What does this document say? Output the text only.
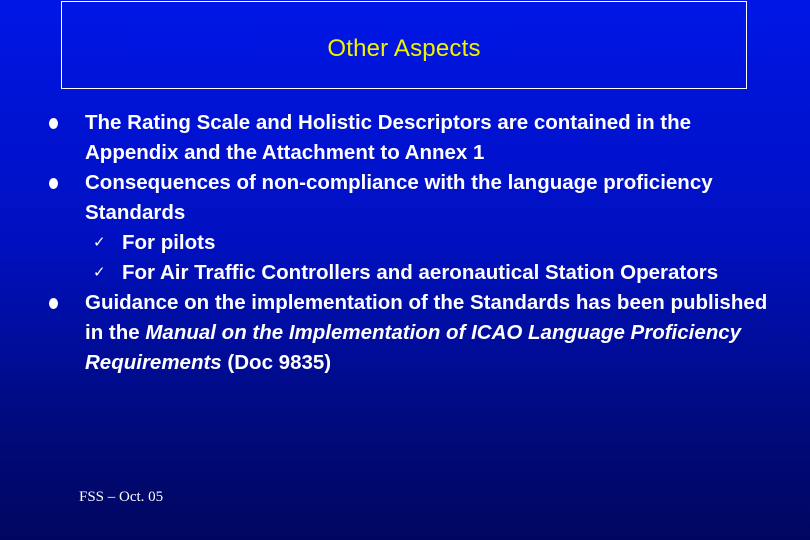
Other Aspects
The Rating Scale and Holistic Descriptors are contained in the Appendix and the Attachment to Annex 1
Consequences of non-compliance with the language proficiency Standards
✓ For pilots
✓ For Air Traffic Controllers and aeronautical Station Operators
Guidance on the implementation of the Standards has been published in the Manual on the Implementation of ICAO Language Proficiency Requirements (Doc 9835)
FSS – Oct. 05
